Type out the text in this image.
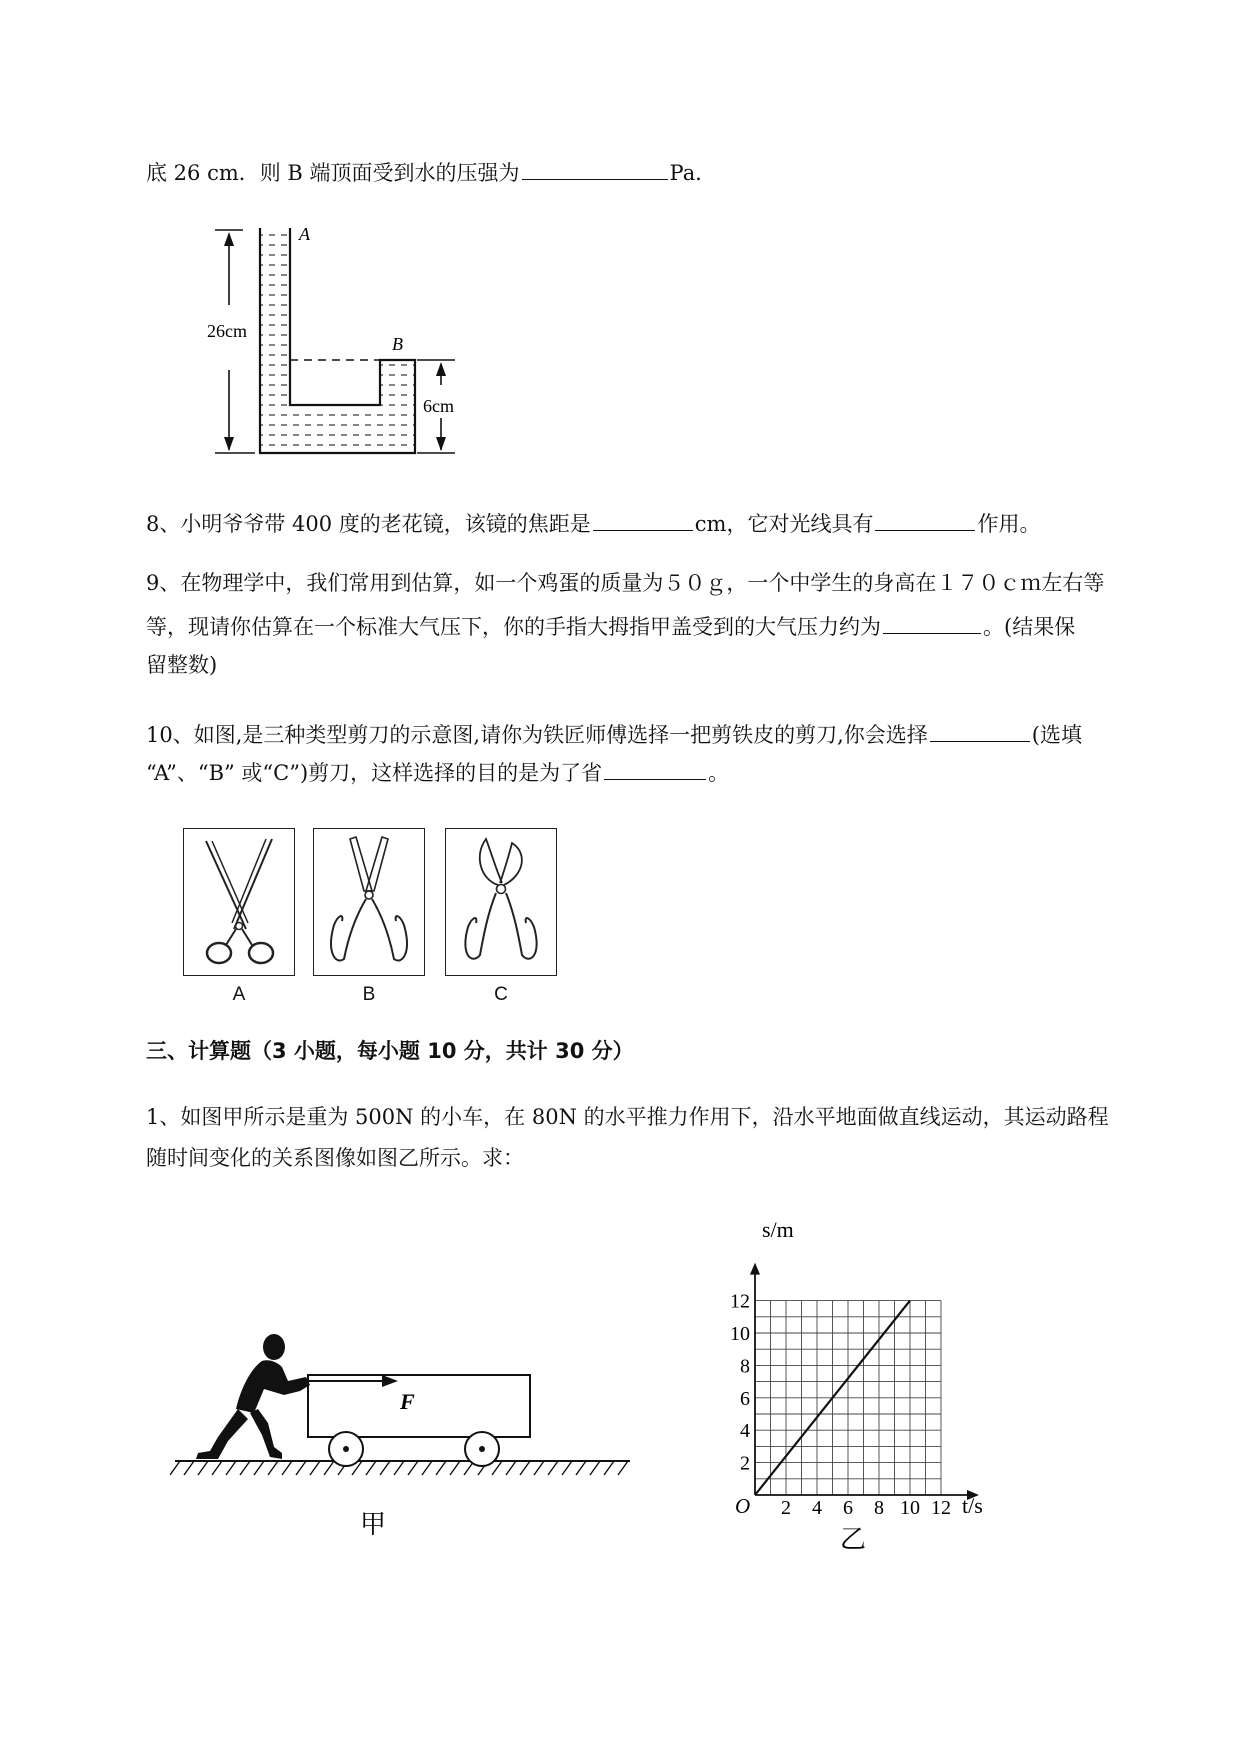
底 26 cm．则 B 端顶面受到水的压强为	Pa．
26cm
6cm
A
B
8、小明爷爷带 400 度的老花镜，该镜的焦距是	cm，它对光线具有	作用。
9、在物理学中，我们常用到估算，如一个鸡蛋的质量为５０ｇ，一个中学生的身高在１７０ｃｍ左右等
等，现请你估算在一个标准大气压下，你的手指大拇指甲盖受到的大气压力约为	。(结果保
留整数)
10、如图,是三种类型剪刀的示意图,请你为铁匠师傅选择一把剪铁皮的剪刀,你会选择	(选填
“A”、“B” 或“C”)剪刀，这样选择的目的是为了省	。
A	B	C
三、计算题（3 小题，每小题 10 分，共计 30 分）
1、如图甲所示是重为 500N 的小车，在 80N 的水平推力作用下，沿水平地面做直线运动，其运动路程
随时间变化的关系图像如图乙所示。求：
F
甲
2 4 6 8 10 12
2
4
6
8
10
12
s/m
t/s
O
乙
